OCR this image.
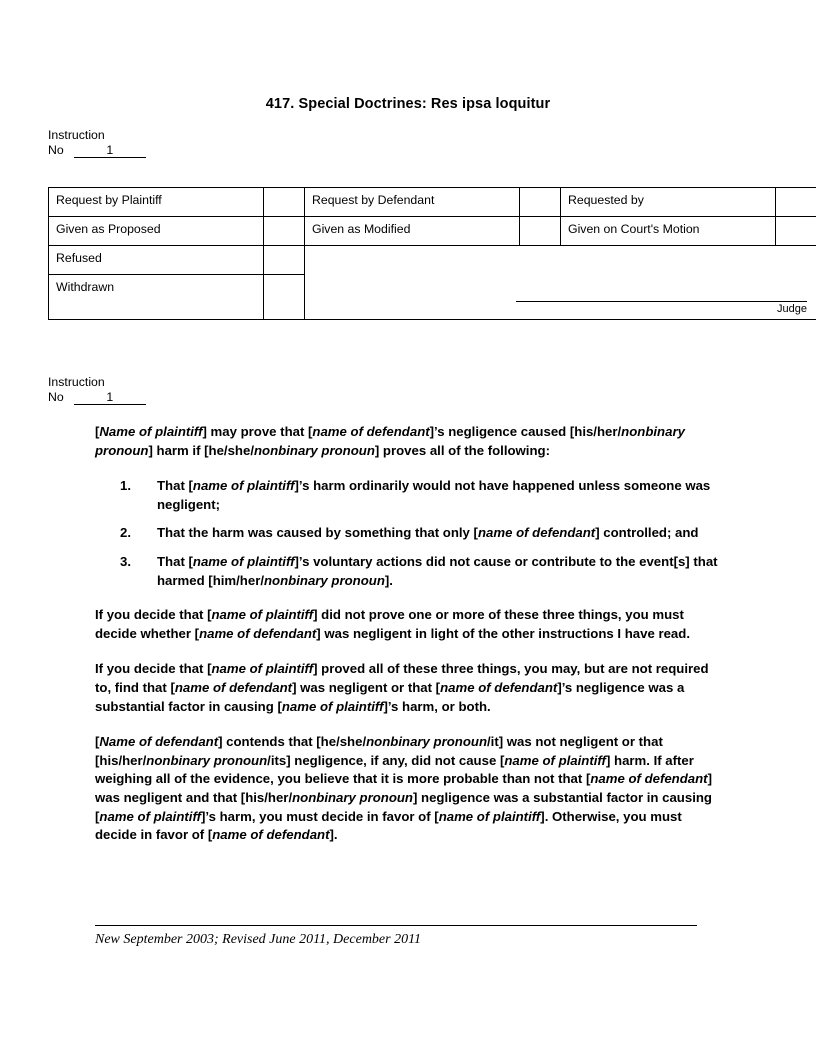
417. Special Doctrines: Res ipsa loquitur
Instruction
No	1
Request by Plaintiff		Request by Defendant		Requested by	
Given as Proposed		Given as Modified		Given on Court's Motion	
Refused		Judge			

Withdrawn					
Instruction
No	1

[Name of plaintiff] may prove that [name of defendant]’s negligence caused [his/her/nonbinary pronoun] harm if [he/she/nonbinary pronoun] proves all of the following:

1. That [name of plaintiff]’s harm ordinarily would not have happened unless someone was negligent;
2. That the harm was caused by something that only [name of defendant] controlled; and
3. That [name of plaintiff]’s voluntary actions did not cause or contribute to the event[s] that harmed [him/her/nonbinary pronoun].

If you decide that [name of plaintiff] did not prove one or more of these three things, you must decide whether [name of defendant] was negligent in light of the other instructions I have read.

If you decide that [name of plaintiff] proved all of these three things, you may, but are not required to, find that [name of defendant] was negligent or that [name of defendant]’s negligence was a substantial factor in causing [name of plaintiff]’s harm, or both.

[Name of defendant] contends that [he/she/nonbinary pronoun/it] was not negligent or that [his/her/nonbinary pronoun/its] negligence, if any, did not cause [name of plaintiff] harm. If after weighing all of the evidence, you believe that it is more probable than not that [name of defendant] was negligent and that [his/her/nonbinary pronoun] negligence was a substantial factor in causing [name of plaintiff]’s harm, you must decide in favor of [name of plaintiff]. Otherwise, you must decide in favor of [name of defendant].

New September 2003; Revised June 2011, December 2011
